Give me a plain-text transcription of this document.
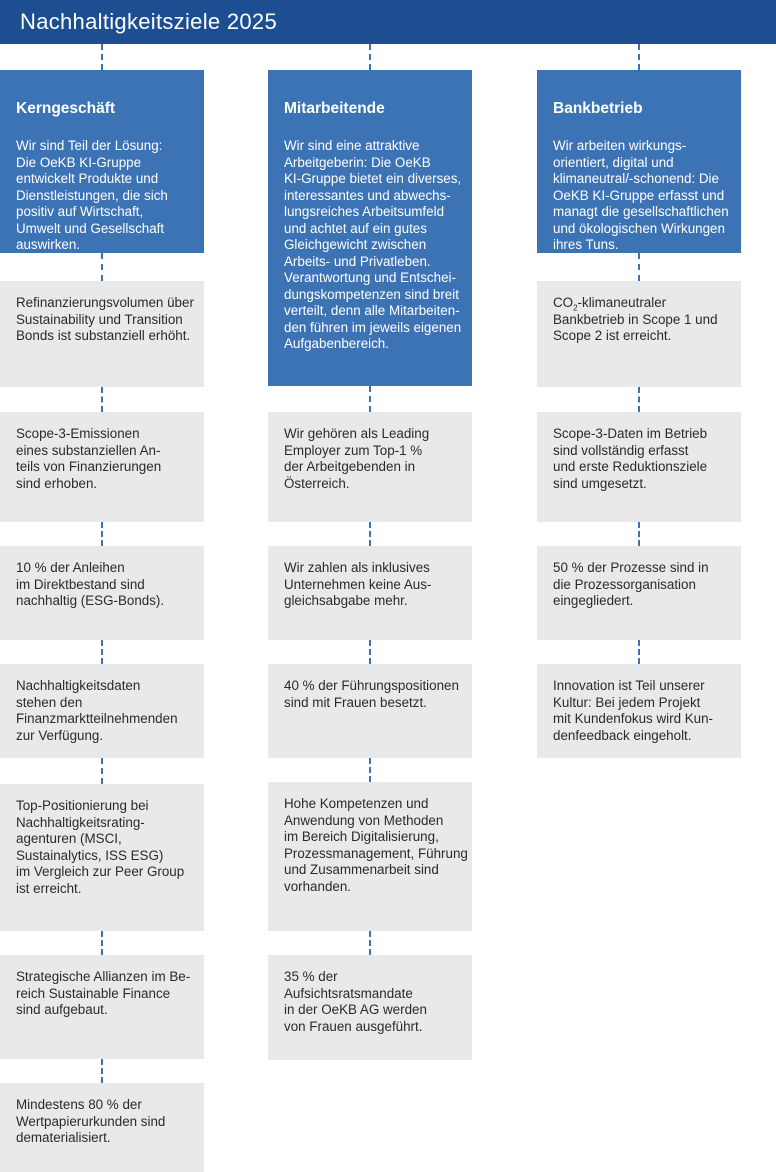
Nachhaltigkeitsziele 2025

Kerngeschäft

Wir sind Teil der Lösung:
Die OeKB KI-Gruppe
entwickelt Produkte und
Dienstleistungen, die sich
positiv auf Wirtschaft,
Umwelt und Gesellschaft
auswirken.

Refinanzierungsvolumen über
Sustainability und Transition
Bonds ist substanziell erhöht.
Scope-3-Emissionen
eines substanziellen An-
teils von Finanzierungen
sind erhoben.
10 % der Anleihen
im Direktbestand sind
nachhaltig (ESG-Bonds).
Nachhaltigkeitsdaten
stehen den
Finanzmarktteilnehmenden
zur Verfügung.
Top-Positionierung bei
Nachhaltigkeitsrating-
agenturen (MSCI,
Sustainalytics, ISS ESG)
im Vergleich zur Peer Group
ist erreicht.
Strategische Allianzen im Be-
reich Sustainable Finance
sind aufgebaut.
Mindestens 80 % der
Wertpapierurkunden sind
dematerialisiert.

Mitarbeitende

Wir sind eine attraktive
Arbeitgeberin: Die OeKB
KI-Gruppe bietet ein diverses,
interessantes und abwechs-
lungsreiches Arbeitsumfeld
und achtet auf ein gutes
Gleichgewicht zwischen
Arbeits- und Privatleben.
Verantwortung und Entschei-
dungskompetenzen sind breit
verteilt, denn alle Mitarbeiten-
den führen im jeweils eigenen
Aufgabenbereich.

Wir gehören als Leading
Employer zum Top-1 %
der Arbeitgebenden in
Österreich.
Wir zahlen als inklusives
Unternehmen keine Aus-
gleichsabgabe mehr.
40 % der Führungspositionen
sind mit Frauen besetzt.
Hohe Kompetenzen und
Anwendung von Methoden
im Bereich Digitalisierung,
Prozessmanagement, Führung
und Zusammenarbeit sind
vorhanden.
35 % der
Aufsichtsratsmandate
in der OeKB AG werden
von Frauen ausgeführt.

Bankbetrieb

Wir arbeiten wirkungs-
orientiert, digital und
klimaneutral/-schonend: Die
OeKB KI-Gruppe erfasst und
managt die gesellschaftlichen
und ökologischen Wirkungen
ihres Tuns.

$CO_2$-klimaneutraler
Bankbetrieb in Scope 1 und
Scope 2 ist erreicht.
Scope-3-Daten im Betrieb
sind vollständig erfasst
und erste Reduktionsziele
sind umgesetzt.
50 % der Prozesse sind in
die Prozessorganisation
eingegliedert.
Innovation ist Teil unserer
Kultur: Bei jedem Projekt
mit Kundenfokus wird Kun-
denfeedback eingeholt.
